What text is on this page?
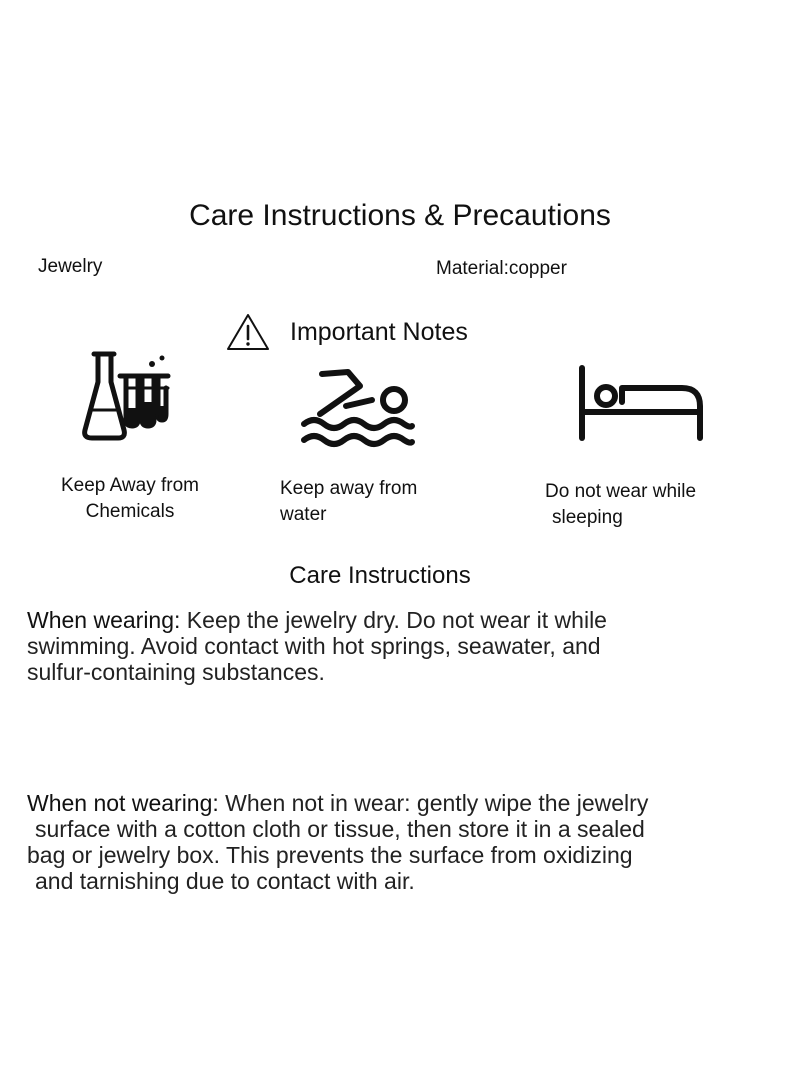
Care Instructions & Precautions
Jewelry	Material:copper
Important Notes
Keep Away from
Chemicals
Keep away from
water
Do not wear while
sleeping
Care Instructions
When wearing: Keep the jewelry dry. Do not wear it while
swimming. Avoid contact with hot springs, seawater, and
sulfur-containing substances.
When not wearing: When not in wear: gently wipe the jewelry
surface with a cotton cloth or tissue, then store it in a sealed
bag or jewelry box. This prevents the surface from oxidizing
and tarnishing due to contact with air.
